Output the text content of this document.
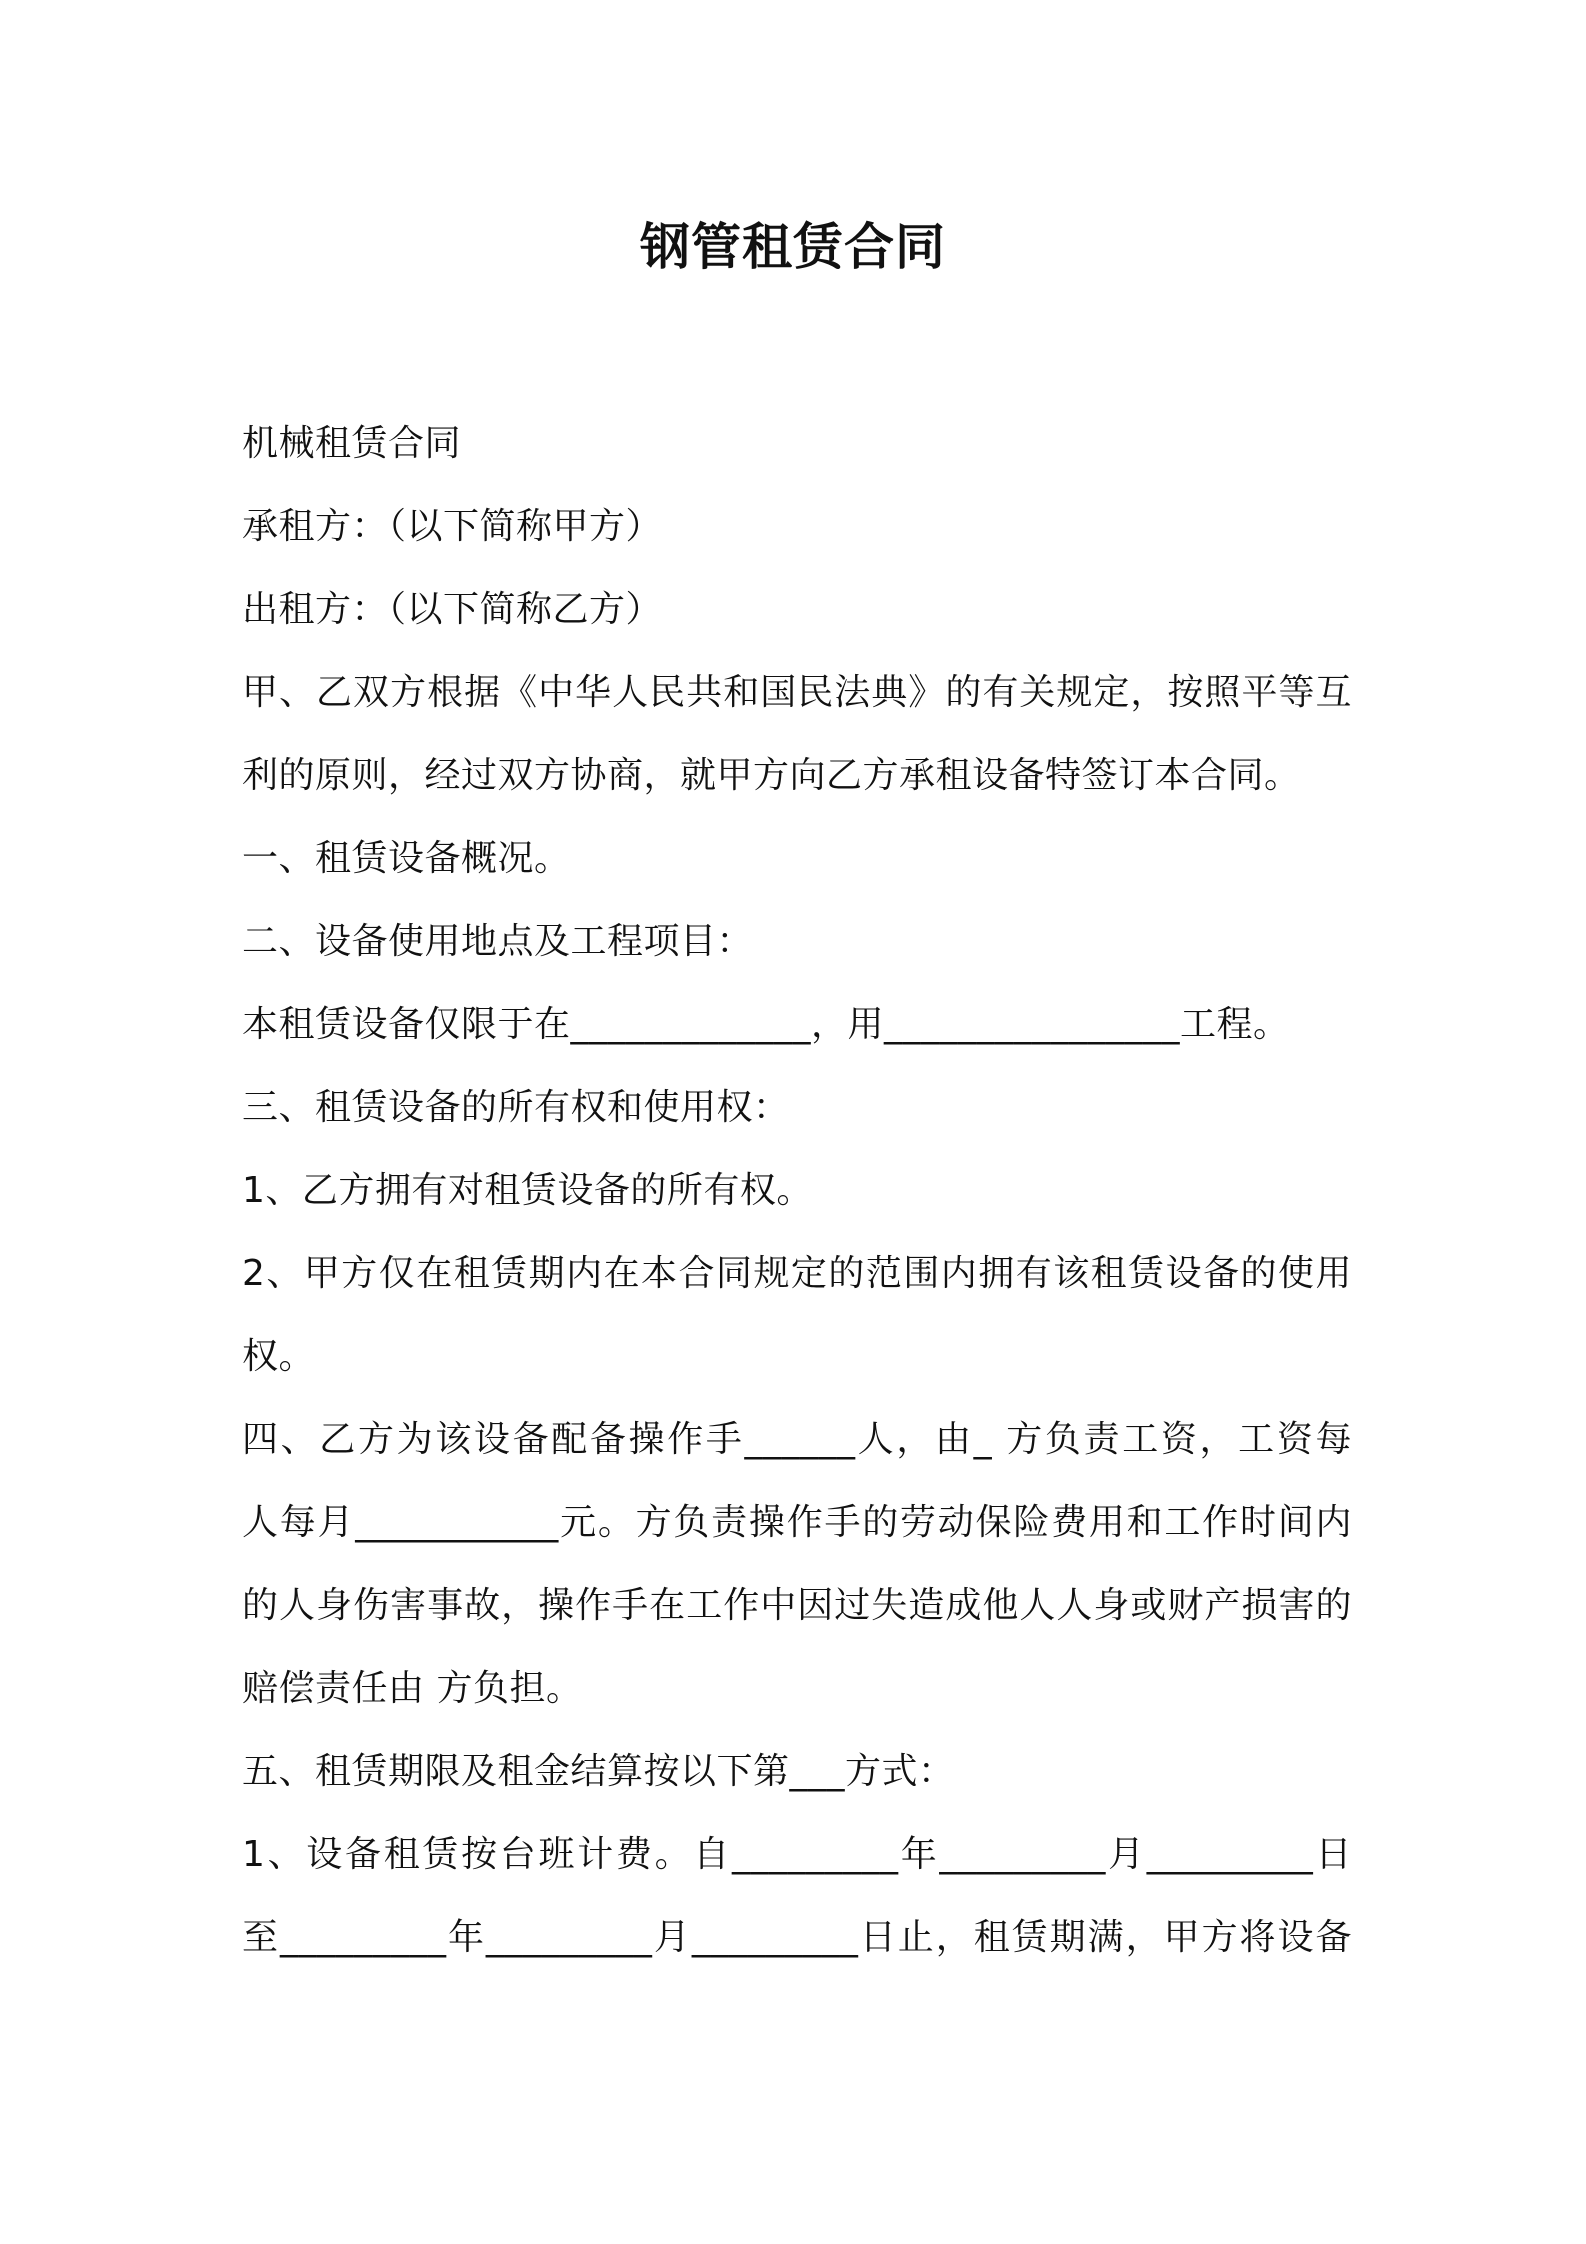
钢管租赁合同
机械租赁合同
承租方：（以下简称甲方）
出租方：（以下简称乙方）
甲、乙双方根据《中华人民共和国民法典》的有关规定，按照平等互
利的原则，经过双方协商，就甲方向乙方承租设备特签订本合同。
一、租赁设备概况。
二、设备使用地点及工程项目：
本租赁设备仅限于在_____________，用________________工程。
三、租赁设备的所有权和使用权：
1、乙方拥有对租赁设备的所有权。
2、甲方仅在租赁期内在本合同规定的范围内拥有该租赁设备的使用
权。
四、乙方为该设备配备操作手______人，由_ 方负责工资，工资每
人每月___________元。方负责操作手的劳动保险费用和工作时间内
的人身伤害事故，操作手在工作中因过失造成他人人身或财产损害的
赔偿责任由 方负担。
五、租赁期限及租金结算按以下第___方式：
1、设备租赁按台班计费。自_________年_________月_________日
至_________年_________月_________日止，租赁期满，甲方将设备
